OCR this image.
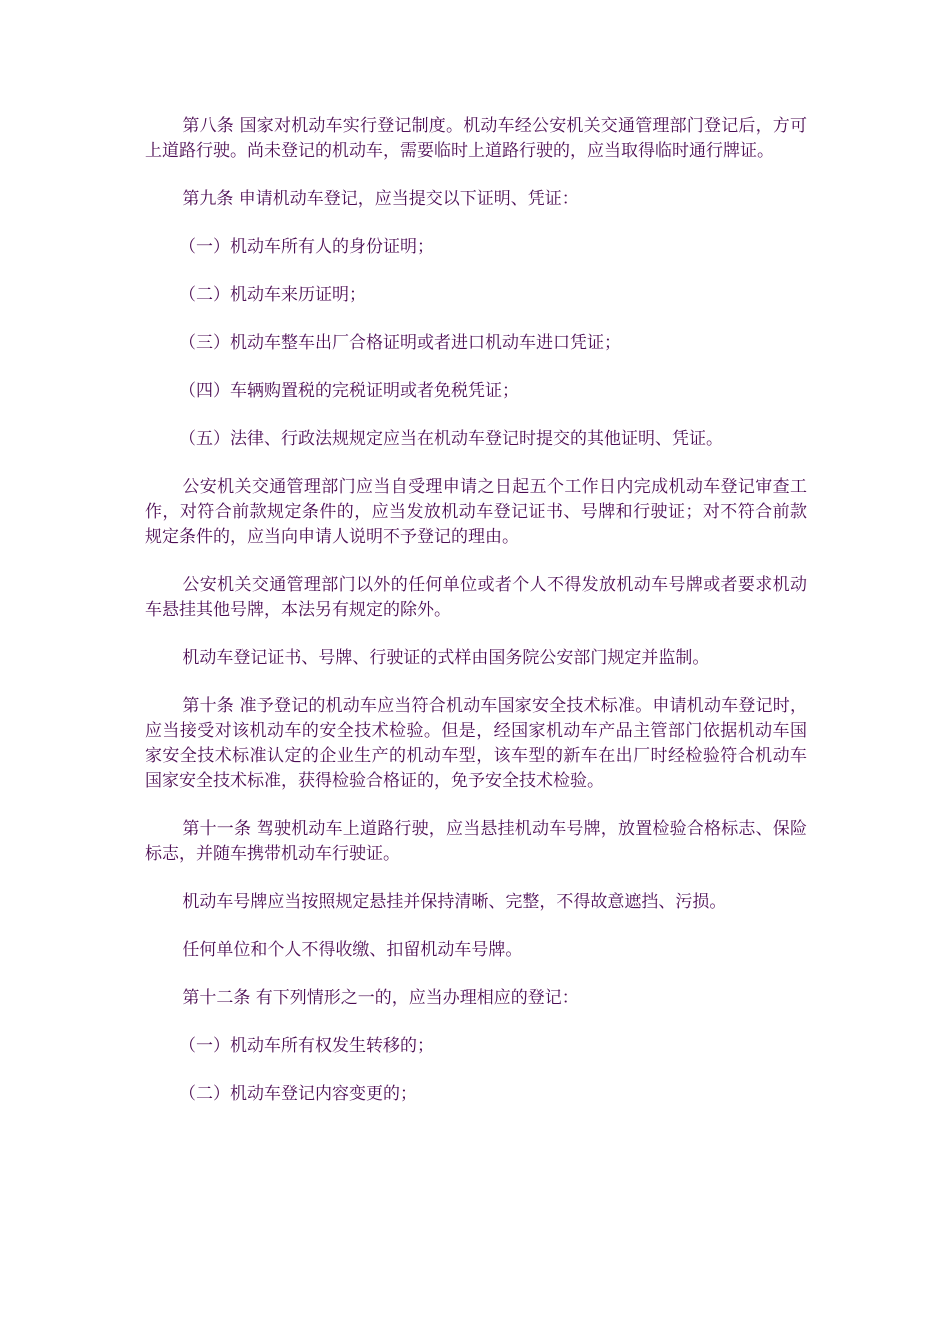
第八条 国家对机动车实行登记制度。机动车经公安机关交通管理部门登记后，方可上道路行驶。尚未登记的机动车，需要临时上道路行驶的，应当取得临时通行牌证。

第九条 申请机动车登记，应当提交以下证明、凭证：

（一）机动车所有人的身份证明；

（二）机动车来历证明；

（三）机动车整车出厂合格证明或者进口机动车进口凭证；

（四）车辆购置税的完税证明或者免税凭证；

（五）法律、行政法规规定应当在机动车登记时提交的其他证明、凭证。

公安机关交通管理部门应当自受理申请之日起五个工作日内完成机动车登记审查工作，对符合前款规定条件的，应当发放机动车登记证书、号牌和行驶证；对不符合前款规定条件的，应当向申请人说明不予登记的理由。

公安机关交通管理部门以外的任何单位或者个人不得发放机动车号牌或者要求机动车悬挂其他号牌，本法另有规定的除外。

机动车登记证书、号牌、行驶证的式样由国务院公安部门规定并监制。

第十条 准予登记的机动车应当符合机动车国家安全技术标准。申请机动车登记时，应当接受对该机动车的安全技术检验。但是，经国家机动车产品主管部门依据机动车国家安全技术标准认定的企业生产的机动车型，该车型的新车在出厂时经检验符合机动车国家安全技术标准，获得检验合格证的，免予安全技术检验。

第十一条 驾驶机动车上道路行驶，应当悬挂机动车号牌，放置检验合格标志、保险标志，并随车携带机动车行驶证。

机动车号牌应当按照规定悬挂并保持清晰、完整，不得故意遮挡、污损。

任何单位和个人不得收缴、扣留机动车号牌。

第十二条 有下列情形之一的，应当办理相应的登记：

（一）机动车所有权发生转移的；

（二）机动车登记内容变更的；
